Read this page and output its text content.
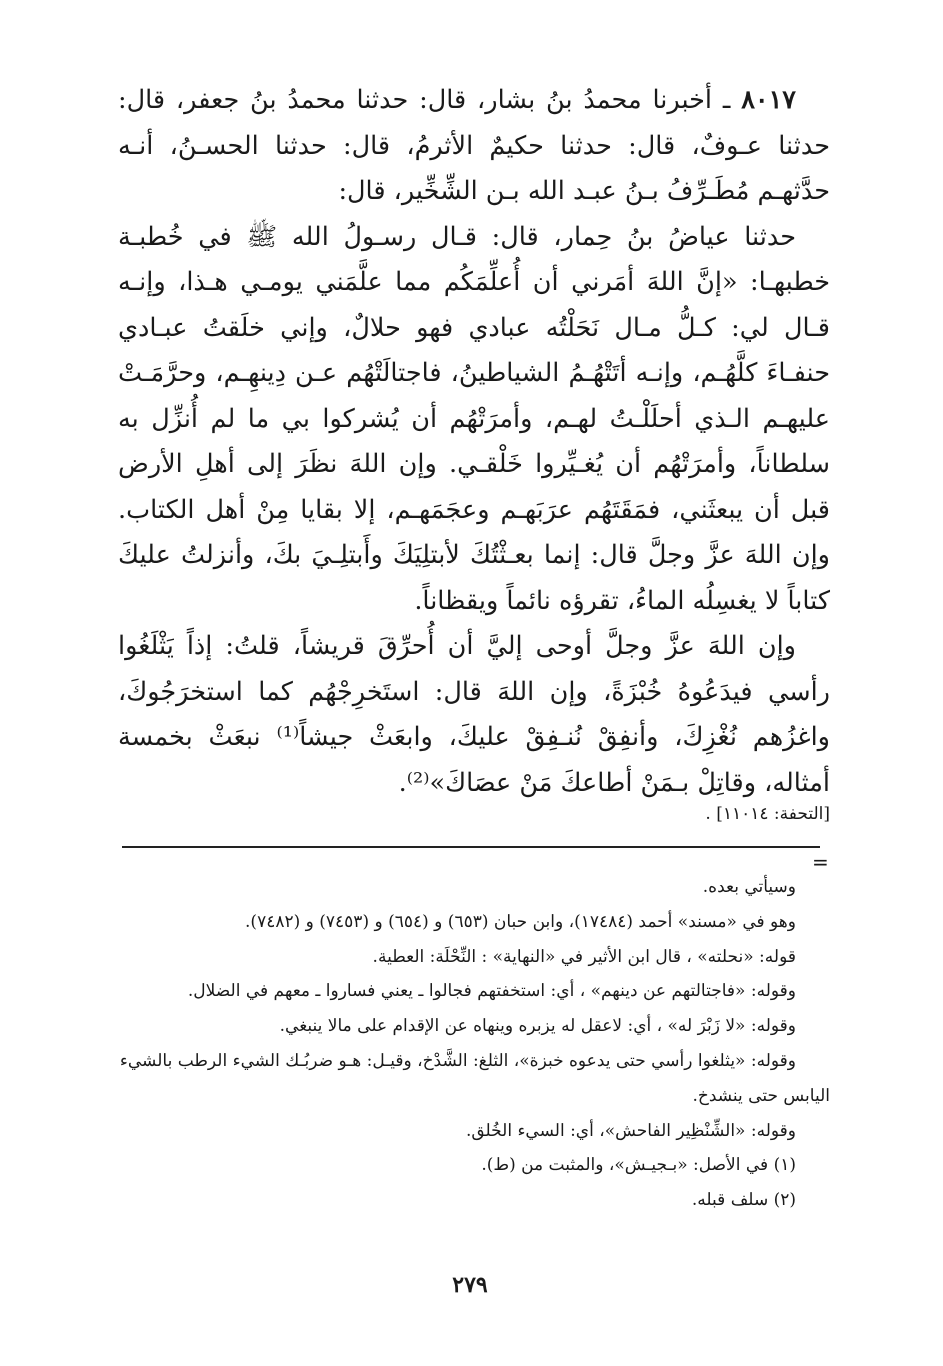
٨٠١٧ ـ أخبرنا محمدُ بنُ بشار، قال: حدثنا محمدُ بنُ جعفر، قال: حدثنا عـوفٌ، قال: حدثنا حكيمٌ الأثرمُ، قال: حدثنا الحسـنُ، أنـه حدَّثهـم مُطَـرِّفُ بـنُ عبـد الله بـن الشِّخِّير، قال:

حدثنا عياضُ بنُ حِمار، قال: قـال رسـولُ الله ﷺ في خُطبـة خطبهـا: «إنَّ اللهَ أمَرني أن أُعلِّمَكُم مما علَّمَني يومـي هـذا، وإنـه قـال لي: كـلُّ مـال نَحَلْتُه عبادي فهو حلالٌ، وإني خلَقتُ عبـادي حنفـاءَ كلَّهُـم، وإنـه أتَتْهُـمُ الشياطينُ، فاجتالَتْهُم عـن دِينهِـم، وحرَّمَـتْ عليهـم الـذي أحلَلْـتُ لهـم، وأمرَتْهُم أن يُشركوا بي ما لم أُنزِّل به سلطاناً، وأمرَتْهُم أن يُغـيِّروا خَلْقـي. وإن اللهَ نظَرَ إلى أهلِ الأرض قبل أن يبعثَني، فمَقَتَهُم عرَبَهـم وعجَمَهـم، إلا بقايا مِنْ أهل الكتاب. وإن اللهَ عزَّ وجلَّ قال: إنما بعـثْتُكَ لأبتلِيَكَ وأَبتلِـيَ بكَ، وأنزلتُ عليكَ كتاباً لا يغسِلُه الماءُ، تقرؤه نائماً ويقظاناً.

وإن اللهَ عزَّ وجلَّ أوحى إليَّ أن أُحرِّقَ قريشاً، قلتُ: إذاً يَثْلَغُوا رأسي فيدَعُوهُ خُبْزَةً، وإن اللهَ قال: استَخرِجْهُم كما استخرَجُوكَ، واغزُهم نُغْزِكَ، وأنفِقْ نُنـفِقْ عليكَ، وابعَثْ جيشاً⁽¹⁾ نبعَثْ بخمسة أمثاله، وقاتِلْ بـمَنْ أطاعكَ مَنْ عصَاكَ»⁽²⁾.

[التحفة: ١١٠١٤] .
=

وسيأتي بعده.

وهو في «مسند» أحمد (١٧٤٨٤)، وابن حبان (٦٥٣) و (٦٥٤) و (٧٤٥٣) و (٧٤٨٢).

قوله: «نحلته» ، قال ابن الأثير في «النهاية» : النِّحْلَة: العطية.

وقوله: «فاجتالتهم عن دينهم» ، أي: استخفتهم فجالوا ـ يعني فساروا ـ معهم في الضلال.

وقوله: «لا زَبْرَ له» ، أي: لاعقل له يزبره وينهاه عن الإقدام على مالا ينبغي.

وقوله: «يثلغوا رأسي حتى يدعوه خبزة»، الثلغ: الشَّدْخ، وقيـل: هـو ضربُـك الشيء الرطب بالشيء

اليابس حتى ينشدخ.

وقوله: «الشِّنْظِير الفاحش»، أي: السيء الخُلق.

(١) في الأصل: «بـجيـش»، والمثبت من (ط).

(٢) سلف قبله.

٢٧٩
